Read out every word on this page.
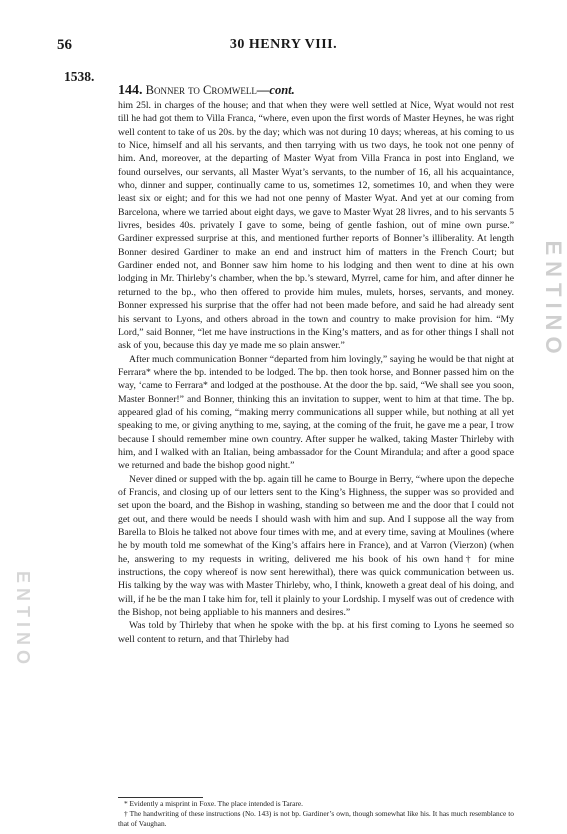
56	30 HENRY VIII.
1538.
144. Bonner to Cromwell—cont.

him 25l. in charges of the house; and that when they were well settled at Nice, Wyat would not rest till he had got them to Villa Franca, “where, even upon the first words of Master Heynes, he was right well content to take of us 20s. by the day; which was not during 10 days; whereas, at his coming to us to Nice, himself and all his servants, and then tarrying with us two days, he took not one penny of him. And, moreover, at the departing of Master Wyat from Villa Franca in post into England, we found ourselves, our servants, all Master Wyat’s servants, to the number of 16, all his acquaintance, who, dinner and supper, continually came to us, sometimes 12, sometimes 10, and when they were least six or eight; and for this we had not one penny of Master Wyat. And yet at our coming from Barcelona, where we tarried about eight days, we gave to Master Wyat 28 livres, and to his servants 5 livres, besides 40s. privately I gave to some, being of gentle fashion, out of mine own purse.” Gardiner expressed surprise at this, and mentioned further reports of Bonner’s illiberality. At length Bonner desired Gardiner to make an end and instruct him of matters in the French Court; but Gardiner ended not, and Bonner saw him home to his lodging and then went to dine at his own lodging in Mr. Thirleby’s chamber, when the bp.’s steward, Myrrel, came for him, and after dinner he returned to the bp., who then offered to provide him mules, mulets, horses, servants, and money. Bonner expressed his surprise that the offer had not been made before, and said he had already sent his servant to Lyons, and others abroad in the town and country to make provision for him. “My Lord,” said Bonner, “let me have instructions in the King’s matters, and as for other things I shall not ask of you, because this day ye made me so plain answer.”

After much communication Bonner “departed from him lovingly,” saying he would be that night at Ferrara* where the bp. intended to be lodged. The bp. then took horse, and Bonner passed him on the way, ‘came to Ferrara* and lodged at the posthouse. At the door the bp. said, “We shall see you soon, Master Bonner!” and Bonner, thinking this an invitation to supper, went to him at that time. The bp. appeared glad of his coming, “making merry communications all supper while, but nothing at all yet speaking to me, or giving anything to me, saying, at the coming of the fruit, he gave me a pear, I trow because I should remember mine own country. After supper he walked, taking Master Thirleby with him, and I walked with an Italian, being ambassador for the Count Mirandula; and after a good space we returned and bade the bishop good night.”

Never dined or supped with the bp. again till he came to Bourge in Berry, “where upon the depeche of Francis, and closing up of our letters sent to the King’s Highness, the supper was so provided and set upon the board, and the Bishop in washing, standing so between me and the door that I could not get out, and there would be needs I should wash with him and sup. And I suppose all the way from Barella to Blois he talked not above four times with me, and at every time, saving at Moulines (where he by mouth told me somewhat of the King’s affairs here in France), and at Varron (Vierzon) (when he, answering to my requests in writing, delivered me his book of his own hand† for mine instructions, the copy whereof is now sent herewithal), there was quick communication between us. His talking by the way was with Master Thirleby, who, I think, knoweth a great deal of his doing, and will, if he be the man I take him for, tell it plainly to your Lordship. I myself was out of credence with the Bishop, not being appliable to his manners and desires.”

Was told by Thirleby that when he spoke with the bp. at his first coming to Lyons he seemed so well content to return, and that Thirleby had

* Evidently a misprint in Foxe. The place intended is Tarare.
† The handwriting of these instructions (No. 143) is not bp. Gardiner’s own, though somewhat like his. It has much resemblance to that of Vaughan.
ENTINO
ENTINO
